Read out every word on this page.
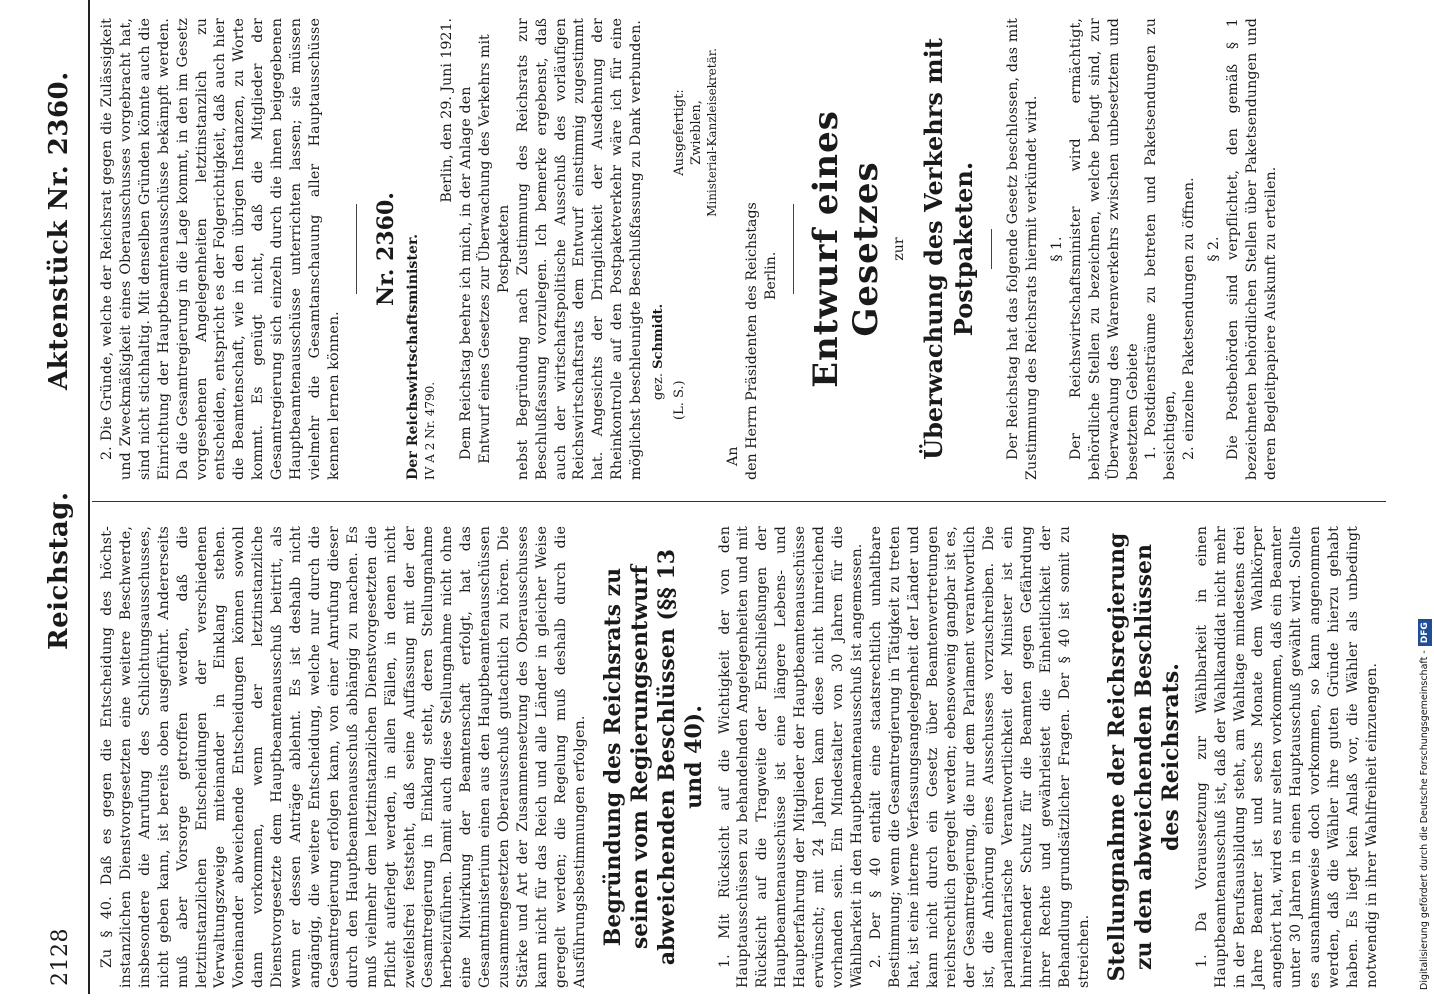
2128
Reichstag.
Aktenstück Nr. 2360.

Zu § 40. Daß es gegen die Entscheidung des höchst-instanzlichen Dienstvorgesetzten eine weitere Beschwerde, insbesondere die Anrufung des Schlichtungsausschusses, nicht geben kann, ist bereits oben ausgeführt. Andererseits muß aber Vorsorge getroffen werden, daß die letztinstanzlichen Entscheidungen der verschiedenen Verwaltungszweige miteinander in Einklang stehen. Voneinander abweichende Entscheidungen können sowohl dann vorkommen, wenn der letztinstanzliche Dienstvorgesetzte dem Hauptbeamtenausschuß beitritt, als wenn er dessen Anträge ablehnt. Es ist deshalb nicht angängig, die weitere Entscheidung, welche nur durch die Gesamtregierung erfolgen kann, von einer Anrufung dieser durch den Hauptbeamtenausschuß abhängig zu machen. Es muß vielmehr dem letztinstanzlichen Dienstvorgesetzten die Pflicht auferlegt werden, in allen Fällen, in denen nicht zweifelsfrei feststeht, daß seine Auffassung mit der der Gesamtregierung in Einklang steht, deren Stellungnahme herbeizuführen. Damit auch diese Stellungnahme nicht ohne eine Mitwirkung der Beamtenschaft erfolgt, hat das Gesamtministerium einen aus den Hauptbeamtenausschüssen zusammengesetzten Oberausschuß gutachtlich zu hören. Die Stärke und Art der Zusammensetzung des Oberausschusses kann nicht für das Reich und alle Länder in gleicher Weise geregelt werden; die Regelung muß deshalb durch die Ausführungsbestimmungen erfolgen. Begründung des Reichsrats zu seinen vom Regierungsentwurf abweichenden Beschlüssen (§§ 13 und 40). 1. Mit Rücksicht auf die Wichtigkeit der von den Hauptausschüssen zu behandelnden Angelegenheiten und mit Rücksicht auf die Tragweite der Entschließungen der Hauptbeamtenausschüsse ist eine längere Lebens- und Haupterfahrung der Mitglieder der Hauptbeamtenausschüsse erwünscht; mit 24 Jahren kann diese nicht hinreichend vorhanden sein. Ein Mindestalter von 30 Jahren für die Wählbarkeit in den Hauptbeamtenausschuß ist angemessen. 2. Der § 40 enthält eine staatsrechtlich unhaltbare Bestimmung; wenn die Gesamtregierung in Tätigkeit zu treten hat, ist eine interne Verfassungsangelegenheit der Länder und kann nicht durch ein Gesetz über Beamtenvertretungen reichsrechtlich geregelt werden; ebensowenig gangbar ist es, der Gesamtregierung, die nur dem Parlament verantwortlich ist, die Anhörung eines Ausschusses vorzuschreiben. Die parlamentarische Verantwortlichkeit der Minister ist ein hinreichender Schutz für die Beamten gegen Gefährdung ihrer Rechte und gewährleistet die Einheitlichkeit der Behandlung grundsätzlicher Fragen. Der § 40 ist somit zu streichen. Stellungnahme der Reichsregierung zu den abweichenden Beschlüssen des Reichsrats. 1. Da Voraussetzung zur Wählbarkeit in einen Hauptbeamtenausschuß ist, daß der Wahlkandidat nicht mehr in der Berufsausbildung steht, am Wahltage mindestens drei Jahre Beamter ist und sechs Monate dem Wahlkörper angehört hat, wird es nur selten vorkommen, daß ein Beamter unter 30 Jahren in einen Hauptausschuß gewählt wird. Sollte es ausnahmsweise doch vorkommen, so kann angenommen werden, daß die Wähler ihre guten Gründe hierzu gehabt haben. Es liegt kein Anlaß vor, die Wähler als unbedingt notwendig in ihrer Wahlfreiheit einzuengen.

2. Die Gründe, welche der Reichsrat gegen die Zulässigkeit und Zweckmäßigkeit eines Oberausschusses vorgebracht hat, sind nicht stichhaltig. Mit denselben Gründen könnte auch die Einrichtung der Hauptbeamtenausschüsse bekämpft werden. Da die Gesamtregierung in die Lage kommt, in den im Gesetz vorgesehenen Angelegenheiten letztinstanzlich zu entscheiden, entspricht es der Folgerichtigkeit, daß auch hier die Beamtenschaft, wie in den übrigen Instanzen, zu Worte kommt. Es genügt nicht, daß die Mitglieder der Gesamtregierung sich einzeln durch die ihnen beigegebenen Hauptbeamtenausschüsse unterrichten lassen; sie müssen vielmehr die Gesamtanschauung aller Hauptausschüsse kennen lernen können.

Nr. 2360. Der Reichswirtschaftsminister. IV A 2 Nr. 4790.

Berlin, den 29. Juni 1921. Dem Reichstag beehre ich mich, in der Anlage den Entwurf eines Gesetzes zur Überwachung des Verkehrs mit Postpaketen nebst Begründung nach Zustimmung des Reichsrats zur Beschlußfassung vorzulegen. Ich bemerke ergebenst, daß auch der wirtschaftspolitische Ausschuß des vorläufigen Reichswirtschaftsrats dem Entwurf einstimmig zugestimmt hat. Angesichts der Dringlichkeit der Ausdehnung der Rheinkontrolle auf den Postpaketverkehr wäre ich für eine möglichst beschleunigte Beschlußfassung zu Dank verbunden. gez. Schmidt.
(L. S.)
Ausgefertigt: Zwieblen, Ministerial-Kanzleisekretär.

An den Herrn Präsidenten des Reichstags Berlin. Entwurf eines Gesetzes zur Überwachung des Verkehrs mit Postpaketen. Der Reichstag hat das folgende Gesetz beschlossen, das mit Zustimmung des Reichsrats hiermit verkündet wird. § 1. Der Reichswirtschaftsminister wird ermächtigt, behördliche Stellen zu bezeichnen, welche befugt sind, zur Überwachung des Warenverkehrs zwischen unbesetztem und besetztem Gebiete 1. Postdiensträume zu betreten und Paketsendungen zu besichtigen, 2. einzelne Paketsendungen zu öffnen. § 2. Die Postbehörden sind verpflichtet, den gemäß § 1 bezeichneten behördlichen Stellen über Paketsendungen und deren Begleitpapiere Auskunft zu erteilen.

Digitalisierung gefördert durch die Deutsche Forschungsgemeinschaft -DFG
